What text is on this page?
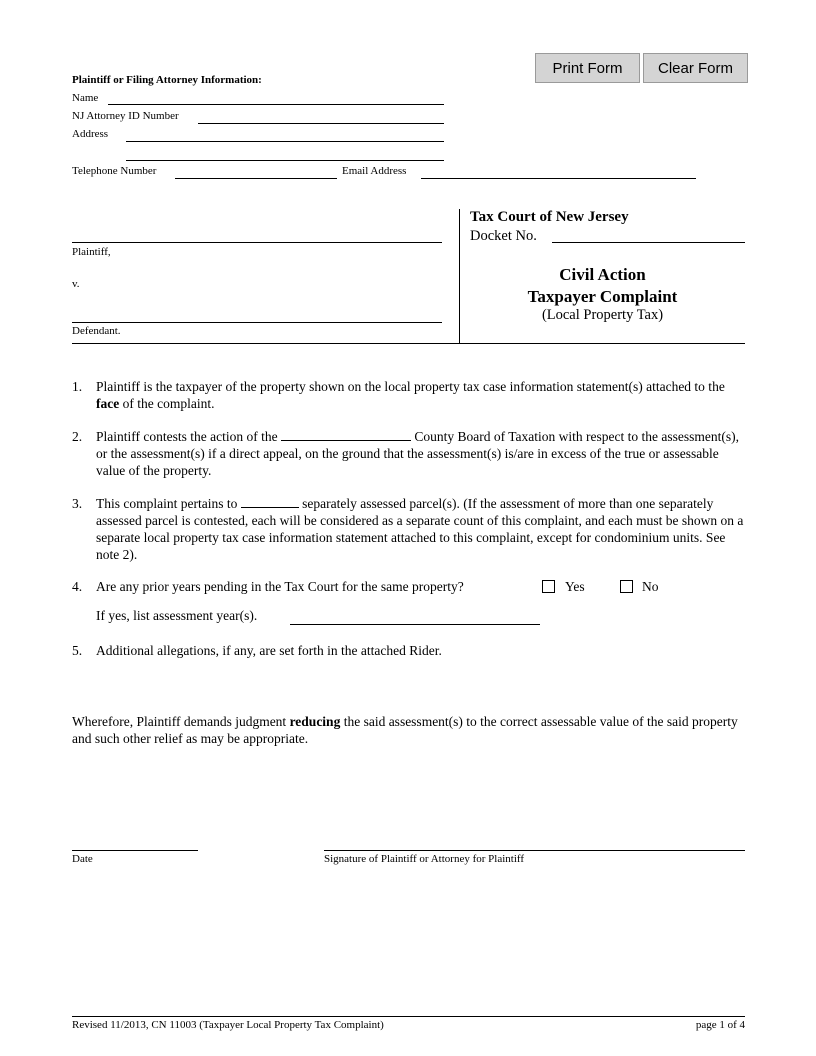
Print Form	Clear Form
Plaintiff or Filing Attorney Information:
Name
NJ Attorney ID Number
Address
Telephone Number	Email Address
Plaintiff,
v.
Defendant.
Tax Court of New Jersey
Docket No.
Civil Action
Taxpayer Complaint
(Local Property Tax)
1. Plaintiff is the taxpayer of the property shown on the local property tax case information statement(s) attached to the face of the complaint.
2. Plaintiff contests the action of the	County Board of Taxation with respect to the assessment(s), or the assessment(s) if a direct appeal, on the ground that the assessment(s) is/are in excess of the true or assessable value of the property.
3. This complaint pertains to	separately assessed parcel(s). (If the assessment of more than one separately assessed parcel is contested, each will be considered as a separate count of this complaint, and each must be shown on a separate local property tax case information statement attached to this complaint, except for condominium units. See note 2).
4. Are any prior years pending in the Tax Court for the same property?	Yes	No
If yes, list assessment year(s).
5. Additional allegations, if any, are set forth in the attached Rider.
Wherefore, Plaintiff demands judgment reducing the said assessment(s) to the correct assessable value of the said property and such other relief as may be appropriate.
Date	Signature of Plaintiff or Attorney for Plaintiff
Revised 11/2013, CN 11003 (Taxpayer Local Property Tax Complaint)	page 1 of 4
